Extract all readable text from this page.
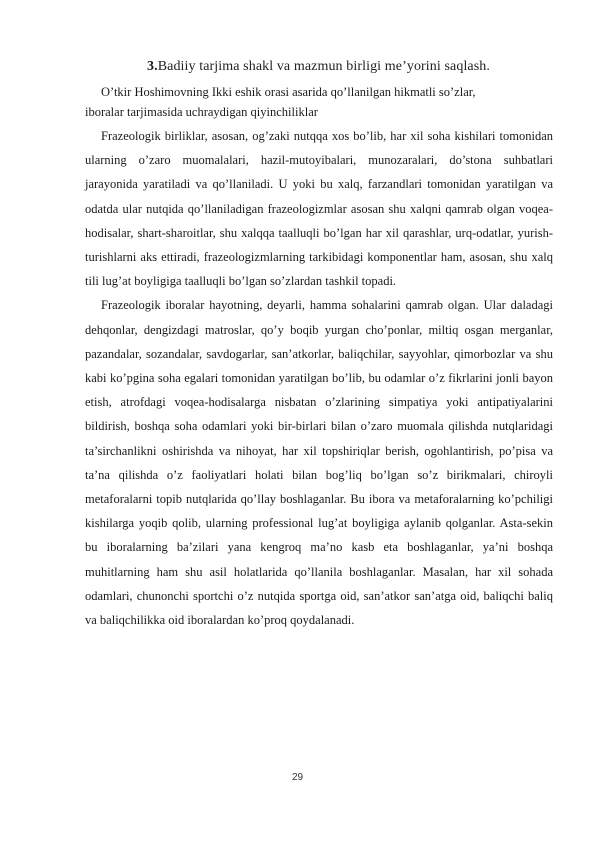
3.Badiiy tarjima shakl va mazmun birligi me’yorini saqlash.
O’tkir Hoshimovning Ikki eshik orasi asarida qo’llanilgan hikmatli so’zlar,
iboralar tarjimasida uchraydigan qiyinchiliklar

Frazeologik birliklar, asosan, og’zaki nutqqa xos bo’lib, har xil soha kishilari tomonidan ularning o’zaro muomalalari, hazil-mutoyibalari, munozaralari, do’stona suhbatlari jarayonida yaratiladi va qo’llaniladi. U yoki bu xalq, farzandlari tomonidan yaratilgan va odatda ular nutqida qo’llaniladigan frazeologizmlar asosan shu xalqni qamrab olgan voqea-hodisalar, shart-sharoitlar, shu xalqqa taalluqli bo’lgan har xil qarashlar, urq-odatlar, yurish-turishlarni aks ettiradi, frazeologizmlarning tarkibidagi komponentlar ham, asosan, shu xalq tili lug’at boyligiga taalluqli bo’lgan so’zlardan tashkil topadi.

Frazeologik iboralar hayotning, deyarli, hamma sohalarini qamrab olgan. Ular daladagi dehqonlar, dengizdagi matroslar, qo’y boqib yurgan cho’ponlar, miltiq osgan merganlar, pazandalar, sozandalar, savdogarlar, san’atkorlar, baliqchilar, sayyohlar, qimorbozlar va shu kabi ko’pgina soha egalari tomonidan yaratilgan bo’lib, bu odamlar o’z fikrlarini jonli bayon etish, atrofdagi voqea-hodisalarga nisbatan o’zlarining simpatiya yoki antipatiyalarini bildirish, boshqa soha odamlari yoki bir-birlari bilan o’zaro muomala qilishda nutqlaridagi ta’sirchanlikni oshirishda va nihoyat, har xil topshiriqlar berish, ogohlantirish, po’pisa va ta’na qilishda o’z faoliyatlari holati bilan bog’liq bo’lgan so’z birikmalari, chiroyli metaforalarni topib nutqlarida qo’llay boshlaganlar. Bu ibora va metaforalarning ko’pchiligi kishilarga yoqib qolib, ularning professional lug’at boyligiga aylanib qolganlar. Asta-sekin bu iboralarning ba’zilari yana kengroq ma’no kasb eta boshlaganlar, ya’ni boshqa muhitlarning ham shu asil holatlarida qo’llanila boshlaganlar. Masalan, har xil sohada odamlari, chunonchi sportchi o’z nutqida sportga oid, san’atkor san’atga oid, baliqchi baliq va baliqchilikka oid iboralardan ko’proq qoydalanadi.

29
